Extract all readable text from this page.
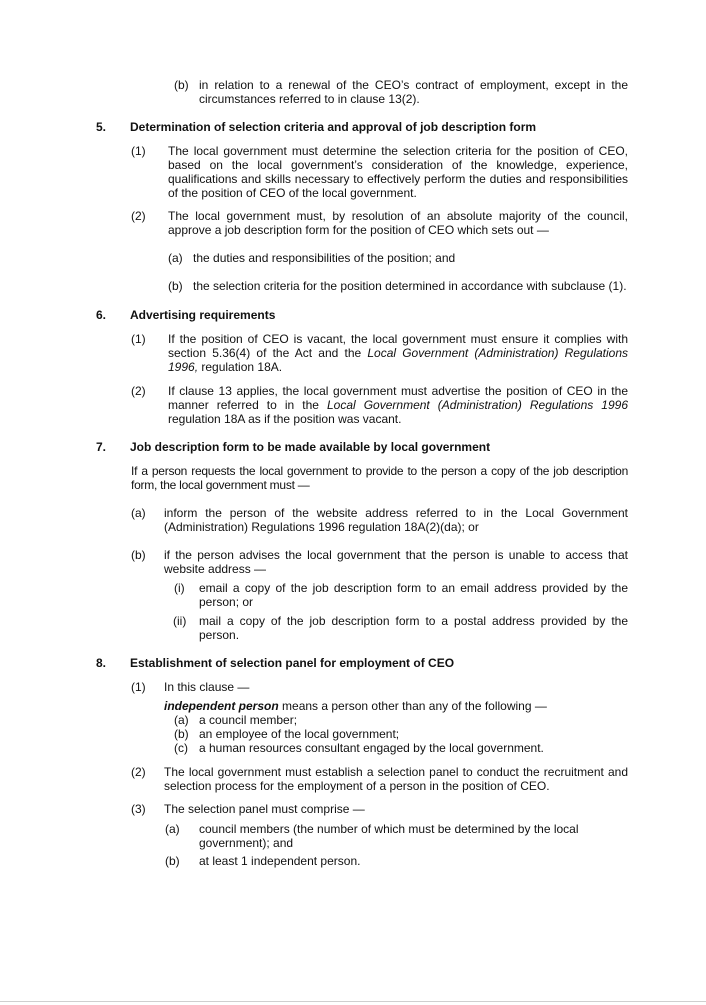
(b) in relation to a renewal of the CEO’s contract of employment, except in the circumstances referred to in clause 13(2).
5. Determination of selection criteria and approval of job description form
(1) The local government must determine the selection criteria for the position of CEO, based on the local government’s consideration of the knowledge, experience, qualifications and skills necessary to effectively perform the duties and responsibilities of the position of CEO of the local government.
(2) The local government must, by resolution of an absolute majority of the council, approve a job description form for the position of CEO which sets out —
(a) the duties and responsibilities of the position; and
(b) the selection criteria for the position determined in accordance with subclause (1).
6. Advertising requirements
(1) If the position of CEO is vacant, the local government must ensure it complies with section 5.36(4) of the Act and the Local Government (Administration) Regulations 1996, regulation 18A.
(2) If clause 13 applies, the local government must advertise the position of CEO in the manner referred to in the Local Government (Administration) Regulations 1996 regulation 18A as if the position was vacant.
7. Job description form to be made available by local government
If a person requests the local government to provide to the person a copy of the job description form, the local government must —
(a) inform the person of the website address referred to in the Local Government (Administration) Regulations 1996 regulation 18A(2)(da); or
(b) if the person advises the local government that the person is unable to access that website address —
(i) email a copy of the job description form to an email address provided by the person; or
(ii) mail a copy of the job description form to a postal address provided by the person.
8. Establishment of selection panel for employment of CEO
(1) In this clause —
independent person means a person other than any of the following —
(a) a council member;
(b) an employee of the local government;
(c) a human resources consultant engaged by the local government.
(2) The local government must establish a selection panel to conduct the recruitment and selection process for the employment of a person in the position of CEO.
(3) The selection panel must comprise —
(a) council members (the number of which must be determined by the local government); and
(b) at least 1 independent person.
